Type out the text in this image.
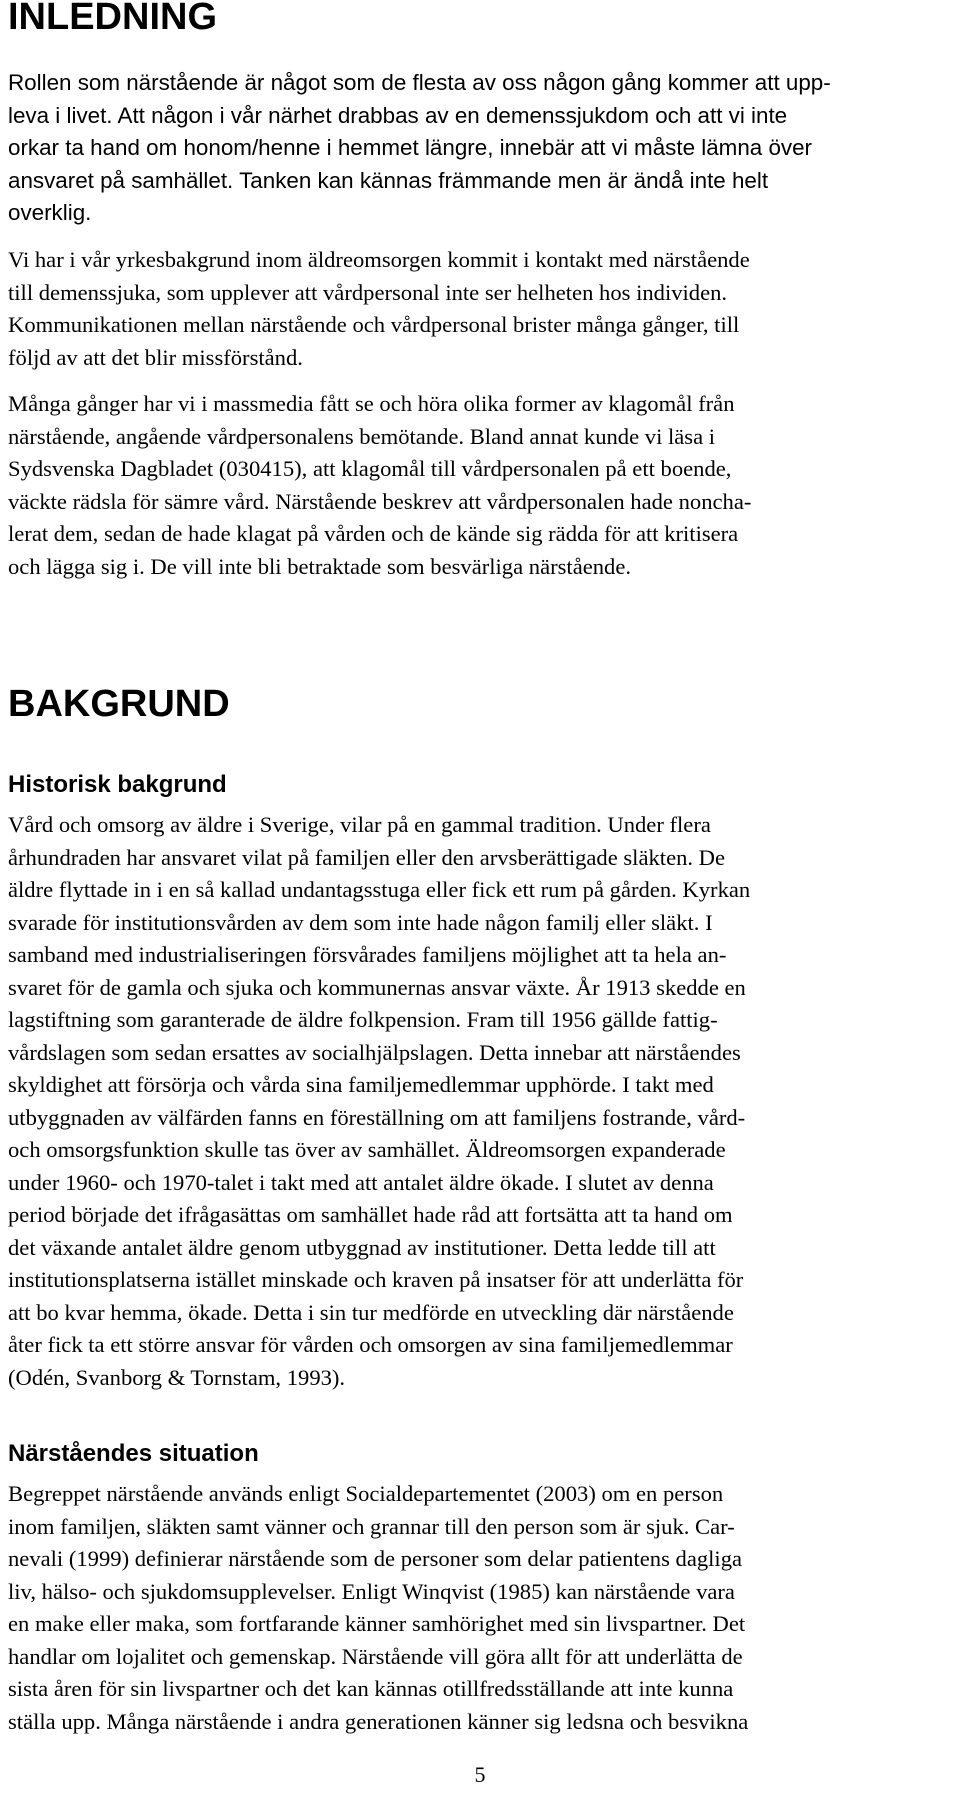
INLEDNING
Rollen som närstående är något som de flesta av oss någon gång kommer att upp-
leva i livet. Att någon i vår närhet drabbas av en demenssjukdom och att vi inte
orkar ta hand om honom/henne i hemmet längre, innebär att vi måste lämna över
ansvaret på samhället. Tanken kan kännas främmande men är ändå inte helt
overklig.
Vi har i vår yrkesbakgrund inom äldreomsorgen kommit i kontakt med närstående
till demenssjuka, som upplever att vårdpersonal inte ser helheten hos individen.
Kommunikationen mellan närstående och vårdpersonal brister många gånger, till
följd av att det blir missförstånd.
Många gånger har vi i massmedia fått se och höra olika former av klagomål från
närstående, angående vårdpersonalens bemötande. Bland annat kunde vi läsa i
Sydsvenska Dagbladet (030415), att klagomål till vårdpersonalen på ett boende,
väckte rädsla för sämre vård. Närstående beskrev att vårdpersonalen hade noncha-
lerat dem, sedan de hade klagat på vården och de kände sig rädda för att kritisera
och lägga sig i. De vill inte bli betraktade som besvärliga närstående.
BAKGRUND
Historisk bakgrund
Vård och omsorg av äldre i Sverige, vilar på en gammal tradition. Under flera
århundraden har ansvaret vilat på familjen eller den arvsberättigade släkten. De
äldre flyttade in i en så kallad undantagsstuga eller fick ett rum på gården. Kyrkan
svarade för institutionsvården av dem som inte hade någon familj eller släkt. I
samband med industrialiseringen försvårades familjens möjlighet att ta hela an-
svaret för de gamla och sjuka och kommunernas ansvar växte. År 1913 skedde en
lagstiftning som garanterade de äldre folkpension. Fram till 1956 gällde fattig-
vårdslagen som sedan ersattes av socialhjälpslagen. Detta innebar att närståendes
skyldighet att försörja och vårda sina familjemedlemmar upphörde. I takt med
utbyggnaden av välfärden fanns en föreställning om att familjens fostrande, vård-
och omsorgsfunktion skulle tas över av samhället. Äldreomsorgen expanderade
under 1960- och 1970-talet i takt med att antalet äldre ökade. I slutet av denna
period började det ifrågasättas om samhället hade råd att fortsätta att ta hand om
det växande antalet äldre genom utbyggnad av institutioner. Detta ledde till att
institutionsplatserna istället minskade och kraven på insatser för att underlätta för
att bo kvar hemma, ökade. Detta i sin tur medförde en utveckling där närstående
åter fick ta ett större ansvar för vården och omsorgen av sina familjemedlemmar
(Odén, Svanborg & Tornstam, 1993).
Närståendes situation
Begreppet närstående används enligt Socialdepartementet (2003) om en person
inom familjen, släkten samt vänner och grannar till den person som är sjuk. Car-
nevali (1999) definierar närstående som de personer som delar patientens dagliga
liv, hälso- och sjukdomsupplevelser. Enligt Winqvist (1985) kan närstående vara
en make eller maka, som fortfarande känner samhörighet med sin livspartner. Det
handlar om lojalitet och gemenskap. Närstående vill göra allt för att underlätta de
sista åren för sin livspartner och det kan kännas otillfredsställande att inte kunna
ställa upp. Många närstående i andra generationen känner sig ledsna och besvikna
5
